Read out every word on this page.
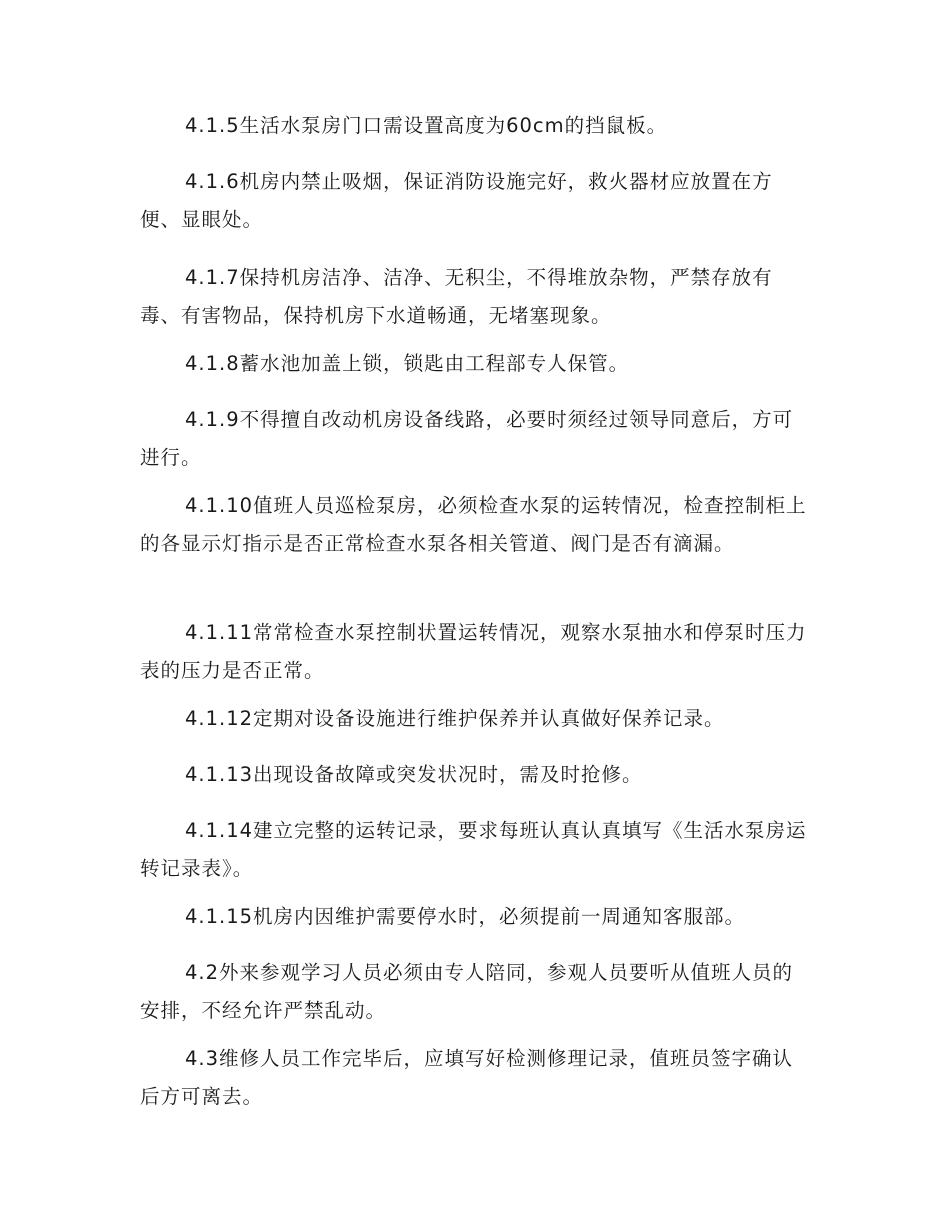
4.1.5生活水泵房门口需设置高度为60cm的挡鼠板。

4.1.6机房内禁止吸烟，保证消防设施完好，救火器材应放置在方便、显眼处。

4.1.7保持机房洁净、洁净、无积尘，不得堆放杂物，严禁存放有毒、有害物品，保持机房下水道畅通，无堵塞现象。

4.1.8蓄水池加盖上锁，锁匙由工程部专人保管。

4.1.9不得擅自改动机房设备线路，必要时须经过领导同意后，方可进行。

4.1.10值班人员巡检泵房，必须检查水泵的运转情况，检查控制柜上的各显示灯指示是否正常检查水泵各相关管道、阀门是否有滴漏。

4.1.11常常检查水泵控制状置运转情况，观察水泵抽水和停泵时压力表的压力是否正常。

4.1.12定期对设备设施进行维护保养并认真做好保养记录。

4.1.13出现设备故障或突发状况时，需及时抢修。

4.1.14建立完整的运转记录，要求每班认真认真填写《生活水泵房运转记录表》。

4.1.15机房内因维护需要停水时，必须提前一周通知客服部。

4.2外来参观学习人员必须由专人陪同，参观人员要听从值班人员的安排，不经允许严禁乱动。

4.3维修人员工作完毕后，应填写好检测修理记录，值班员签字确认后方可离去。
